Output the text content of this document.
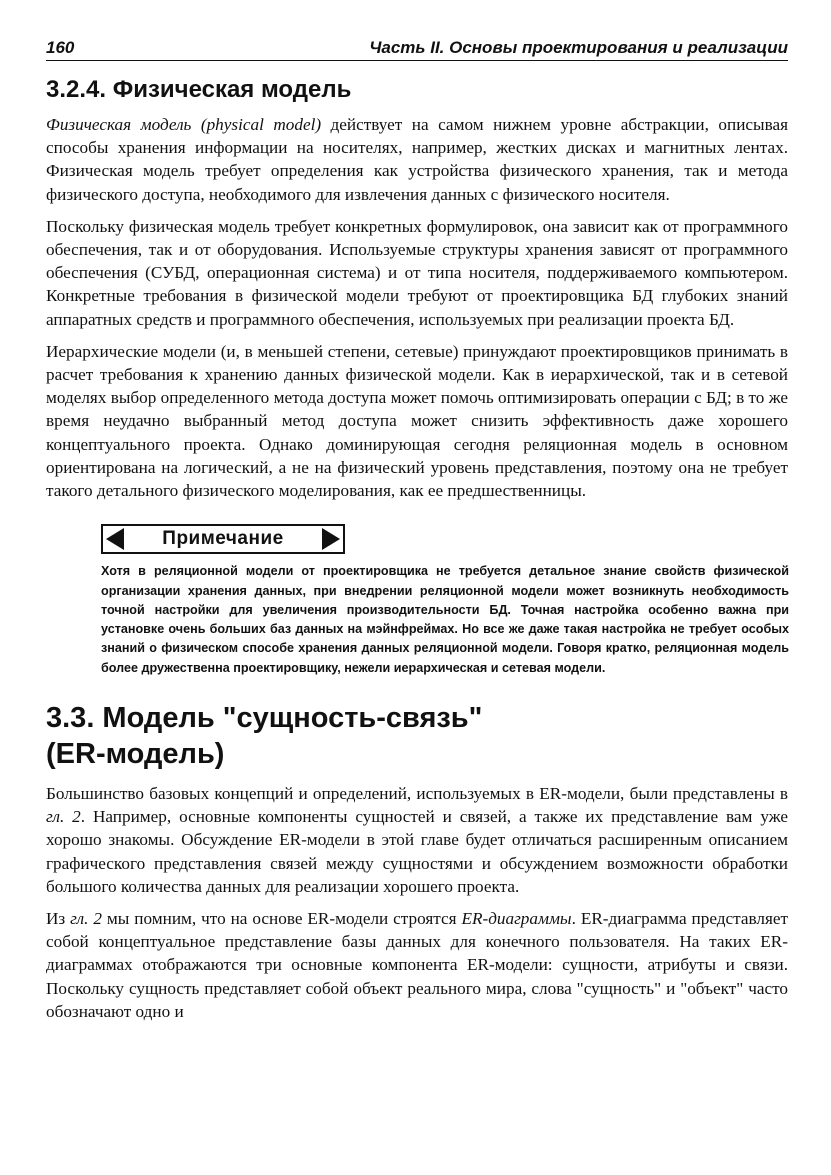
160	Часть II. Основы проектирования и реализации
3.2.4. Физическая модель

Физическая модель (physical model) действует на самом нижнем уровне абстракции, описывая способы хранения информации на носителях, например, жестких дисках и магнитных лентах. Физическая модель требует определения как устройства физического хранения, так и метода физического доступа, необходимого для извлечения данных с физического носителя.

Поскольку физическая модель требует конкретных формулировок, она зависит как от программного обеспечения, так и от оборудования. Используемые структуры хранения зависят от программного обеспечения (СУБД, операционная система) и от типа носителя, поддерживаемого компьютером. Конкретные требования в физической модели требуют от проектировщика БД глубоких знаний аппаратных средств и программного обеспечения, используемых при реализации проекта БД.

Иерархические модели (и, в меньшей степени, сетевые) принуждают проектировщиков принимать в расчет требования к хранению данных физической модели. Как в иерархической, так и в сетевой моделях выбор определенного метода доступа может помочь оптимизировать операции с БД; в то же время неудачно выбранный метод доступа может снизить эффективность даже хорошего концептуального проекта. Однако доминирующая сегодня реляционная модель в основном ориентирована на логический, а не на физический уровень представления, поэтому она не требует такого детального физического моделирования, как ее предшественницы.

Примечание

Хотя в реляционной модели от проектировщика не требуется детальное знание свойств физической организации хранения данных, при внедрении реляционной модели может возникнуть необходимость точной настройки для увеличения производительности БД. Точная настройка особенно важна при установке очень больших баз данных на мэйнфреймах. Но все же даже такая настройка не требует особых знаний о физическом способе хранения данных реляционной модели. Говоря кратко, реляционная модель более дружественна проектировщику, нежели иерархическая и сетевая модели.

3.3. Модель "сущность-связь"
(ER-модель)

Большинство базовых концепций и определений, используемых в ER-модели, были представлены в гл. 2. Например, основные компоненты сущностей и связей, а также их представление вам уже хорошо знакомы. Обсуждение ER-модели в этой главе будет отличаться расширенным описанием графического представления связей между сущностями и обсуждением возможности обработки большого количества данных для реализации хорошего проекта.

Из гл. 2 мы помним, что на основе ER-модели строятся ER-диаграммы. ER-диаграмма представляет собой концептуальное представление базы данных для конечного пользователя. На таких ER-диаграммах отображаются три основные компонента ER-модели: сущности, атрибуты и связи. Поскольку сущность представляет собой объект реального мира, слова "сущность" и "объект" часто обозначают одно и
